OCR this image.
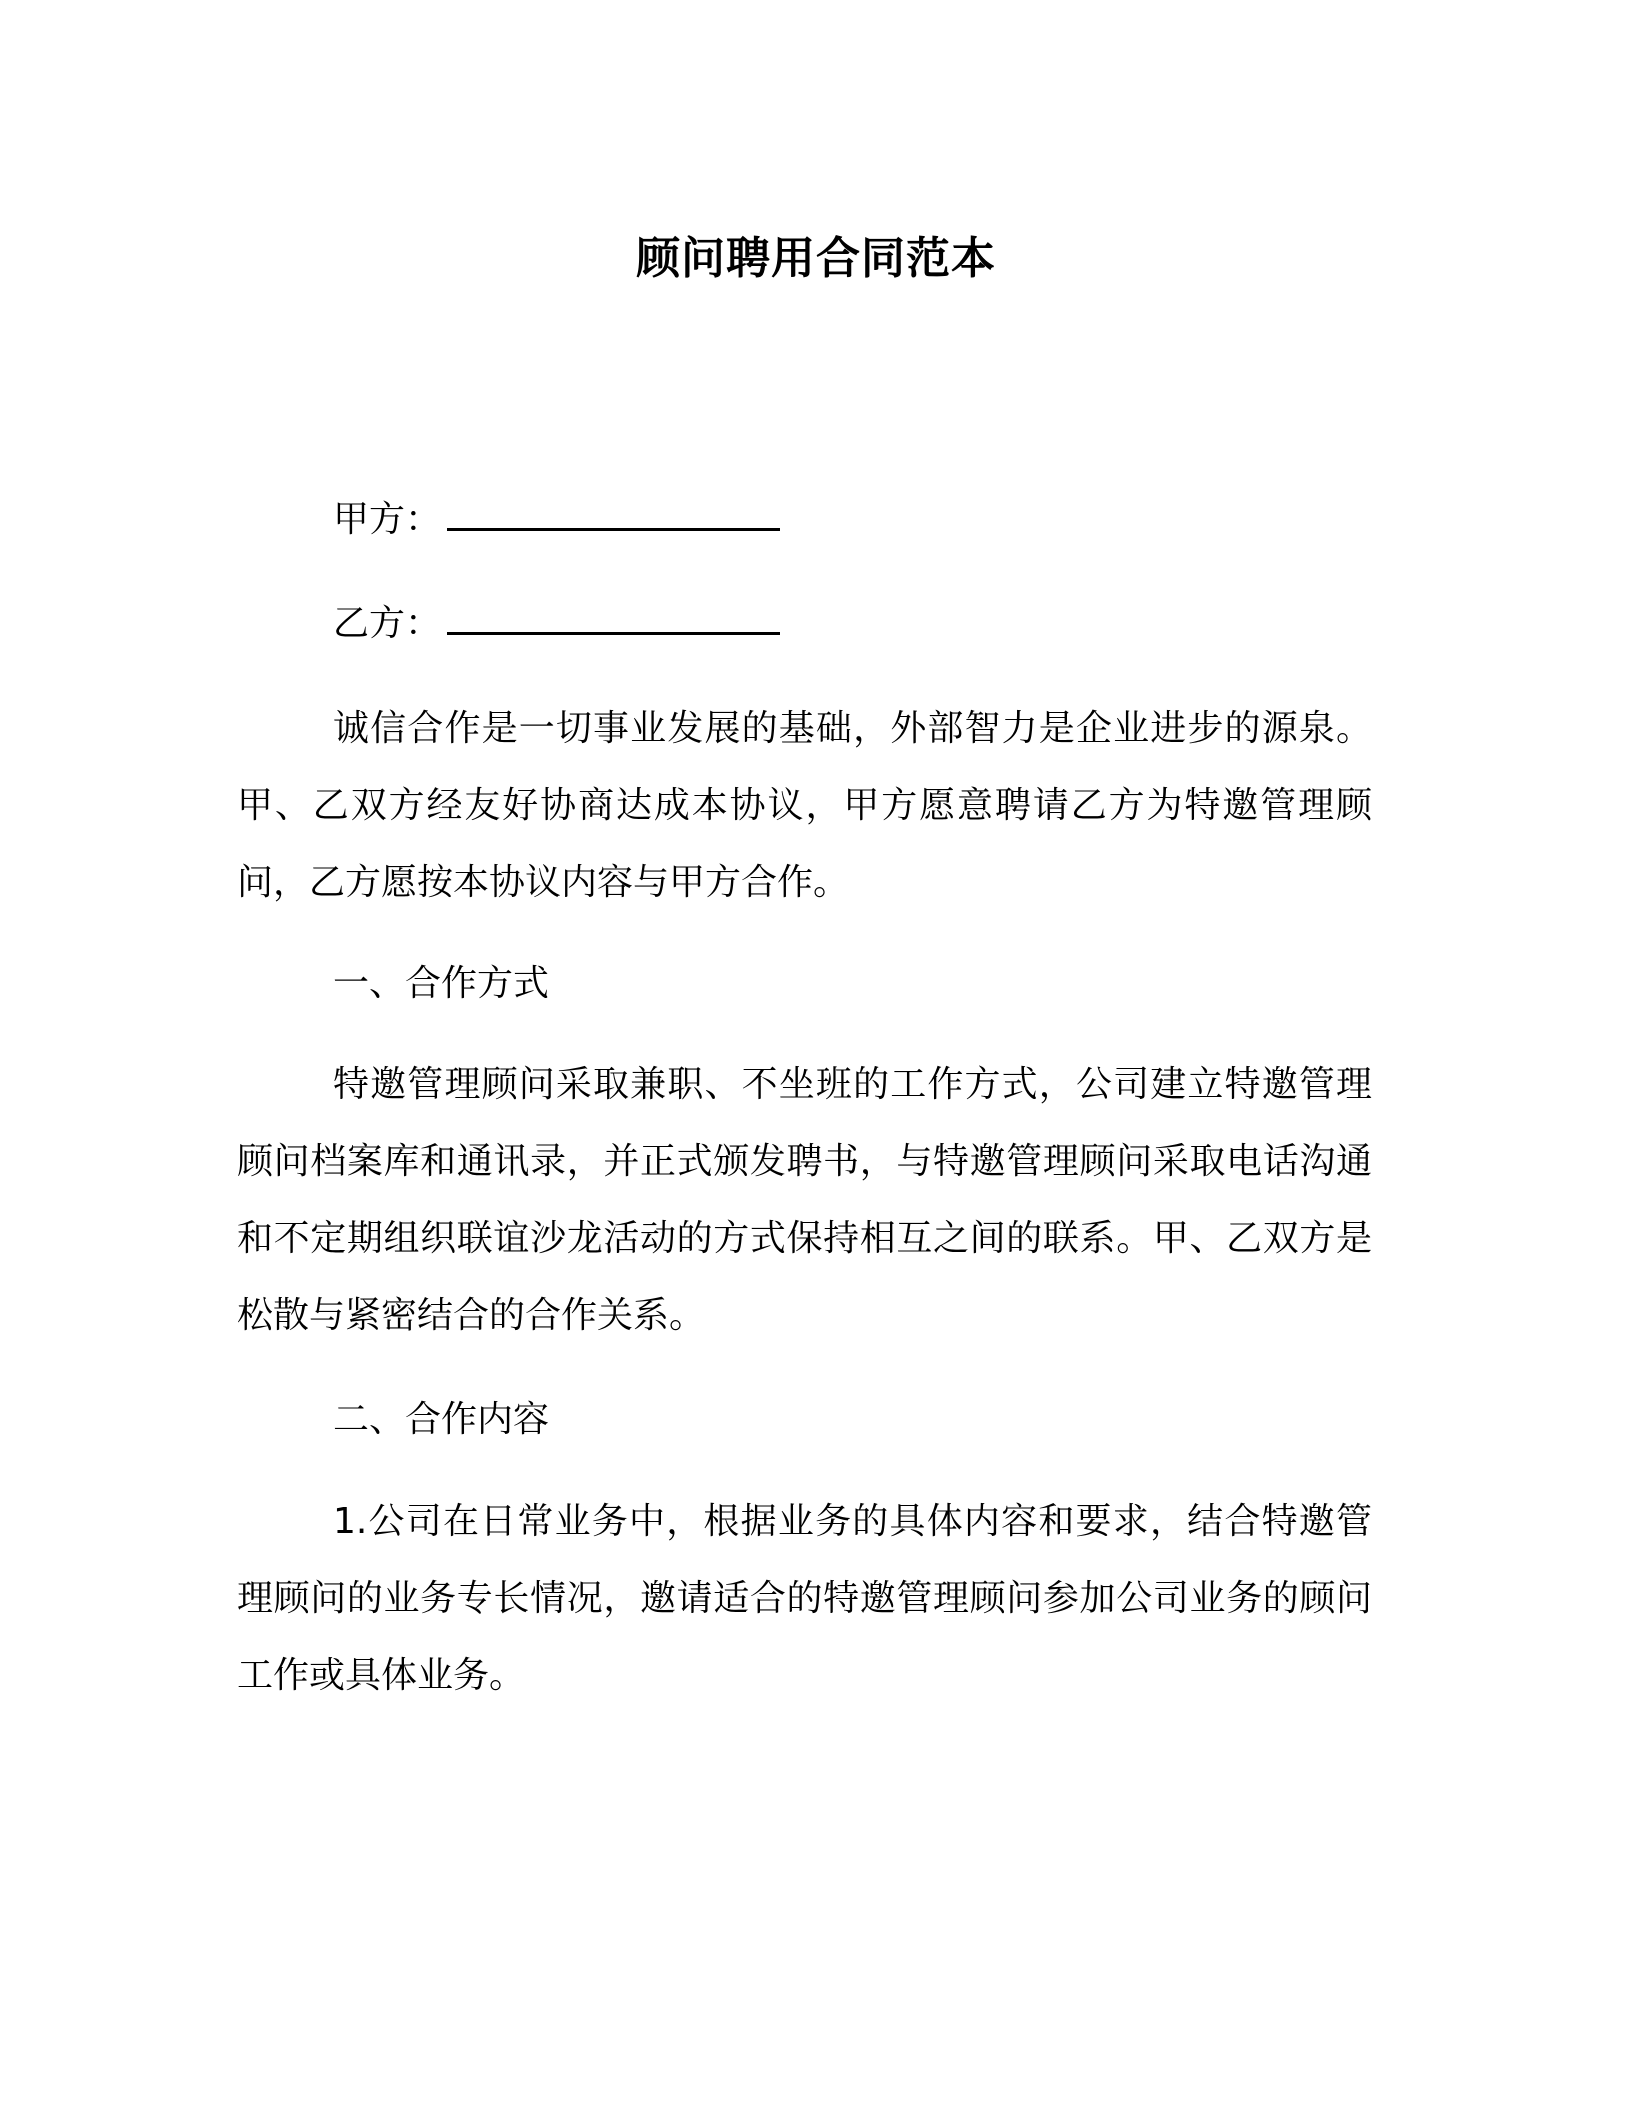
顾问聘用合同范本
甲方：
乙方：

诚信合作是一切事业发展的基础，外部智力是企业进步的源泉。甲、乙双方经友好协商达成本协议，甲方愿意聘请乙方为特邀管理顾问，乙方愿按本协议内容与甲方合作。

一、合作方式

特邀管理顾问采取兼职、不坐班的工作方式，公司建立特邀管理顾问档案库和通讯录，并正式颁发聘书，与特邀管理顾问采取电话沟通和不定期组织联谊沙龙活动的方式保持相互之间的联系。甲、乙双方是松散与紧密结合的合作关系。

二、合作内容

1.公司在日常业务中，根据业务的具体内容和要求，结合特邀管理顾问的业务专长情况，邀请适合的特邀管理顾问参加公司业务的顾问工作或具体业务。
